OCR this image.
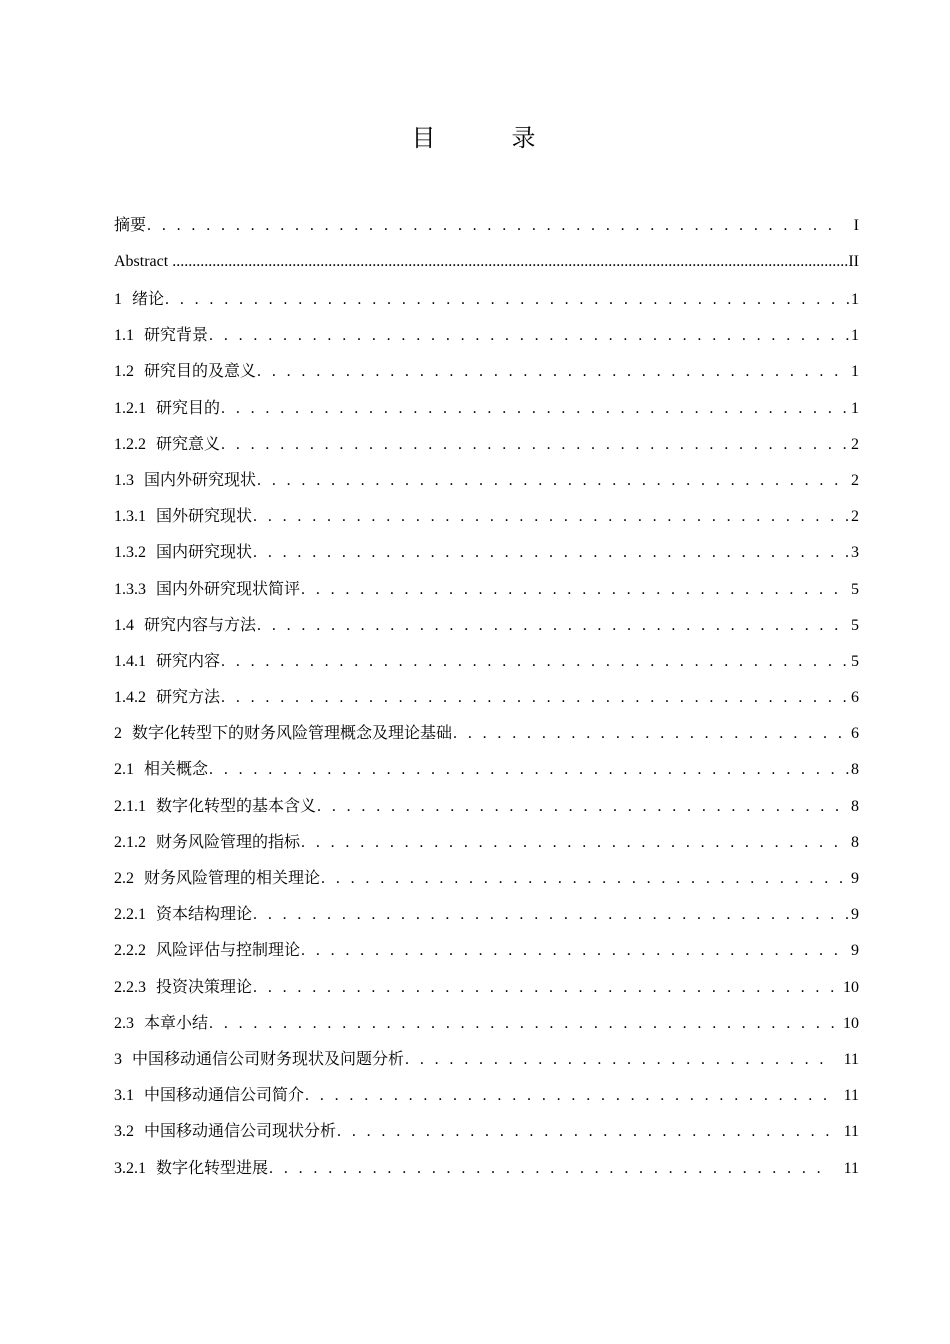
目　录
摘要 . . .	I
Abstract .....	II
1 绪论 . . .	1
1.1 研究背景 . . .	1
1.2 研究目的及意义 . . .	1
1.2.1 研究目的 . . .	1
1.2.2 研究意义 . . .	2
1.3 国内外研究现状 . . .	2
1.3.1 国外研究现状 . . .	2
1.3.2 国内研究现状 . . .	3
1.3.3 国内外研究现状简评 . . .	5
1.4 研究内容与方法 . . .	5
1.4.1 研究内容 . . .	5
1.4.2 研究方法 . . .	6
2 数字化转型下的财务风险管理概念及理论基础 . . .	6
2.1 相关概念 . . .	8
2.1.1 数字化转型的基本含义 . . .	8
2.1.2 财务风险管理的指标 . . .	8
2.2 财务风险管理的相关理论 . . .	9
2.2.1 资本结构理论 . . .	9
2.2.2 风险评估与控制理论 . . .	9
2.2.3 投资决策理论 . . .	10
2.3 本章小结 . . .	10
3 中国移动通信公司财务现状及问题分析 . . .	11
3.1 中国移动通信公司简介 . . .	11
3.2 中国移动通信公司现状分析 . . .	11
3.2.1 数字化转型进展 . . .	11
